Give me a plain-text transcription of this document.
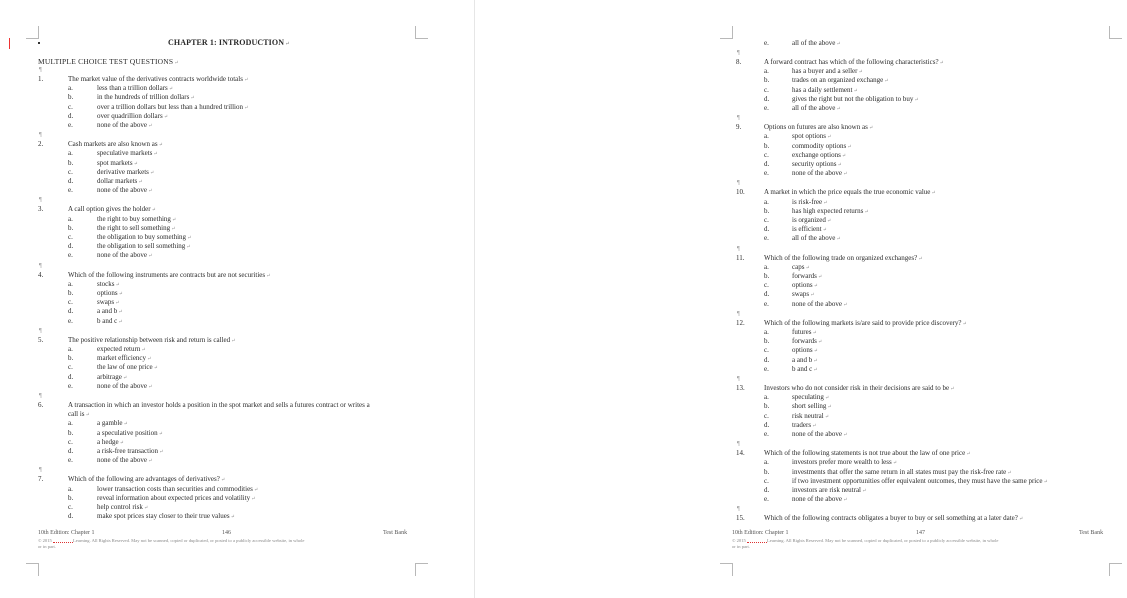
CHAPTER 1: INTRODUCTION↵
MULTIPLE CHOICE TEST QUESTIONS↵
¶
1.	The market value of the derivatives contracts worldwide totals↵
a.	less than a trillion dollars↵
b.	in the hundreds of trillion dollars↵
c.	over a trillion dollars but less than a hundred trillion↵
d.	over quadrillion dollars↵
e.	none of the above↵
¶
2.	Cash markets are also known as↵
a.	speculative markets↵
b.	spot markets↵
c.	derivative markets↵
d.	dollar markets↵
e.	none of the above↵
¶
3.	A call option gives the holder↵
a.	the right to buy something↵
b.	the right to sell something↵
c.	the obligation to buy something↵
d.	the obligation to sell something↵
e.	none of the above↵
¶
4.	Which of the following instruments are contracts but are not securities↵
a.	stocks↵
b.	options↵
c.	swaps↵
d.	a and b↵
e.	b and c↵
¶
5.	The positive relationship between risk and return is called↵
a.	expected return↵
b.	market efficiency↵
c.	the law of one price↵
d.	arbitrage↵
e.	none of the above↵
¶
6.	A transaction in which an investor holds a position in the spot market and sells a futures contract or writes a
call is↵
a.	a gamble↵
b.	a speculative position↵
c.	a hedge↵
d.	a risk-free transaction↵
e.	none of the above↵
¶
7.	Which of the following are advantages of derivatives?↵
a.	lower transaction costs than securities and commodities↵
b.	reveal information about expected prices and volatility↵
c.	help control risk↵
d.	make spot prices stay closer to their true values↵
10th Edition: Chapter 1	146	Test Bank
© 2015	Learning. All Rights Reserved. May not be scanned, copied or duplicated, or posted to a publicly accessible website, in whole
or in part.
e.	all of the above↵
¶
8.	A forward contract has which of the following characteristics?↵
a.	has a buyer and a seller↵
b.	trades on an organized exchange↵
c.	has a daily settlement↵
d.	gives the right but not the obligation to buy↵
e.	all of the above↵
¶
9.	Options on futures are also known as↵
a.	spot options↵
b.	commodity options↵
c.	exchange options↵
d.	security options↵
e.	none of the above↵
¶
10.	A market in which the price equals the true economic value↵
a.	is risk-free↵
b.	has high expected returns↵
c.	is organized↵
d.	is efficient↵
e.	all of the above↵
¶
11.	Which of the following trade on organized exchanges?↵
a.	caps↵
b.	forwards↵
c.	options↵
d.	swaps↵
e.	none of the above↵
¶
12.	Which of the following markets is/are said to provide price discovery?↵
a.	futures↵
b.	forwards↵
c.	options↵
d.	a and b↵
e.	b and c↵
¶
13.	Investors who do not consider risk in their decisions are said to be↵
a.	speculating↵
b.	short selling↵
c.	risk neutral↵
d.	traders↵
e.	none of the above↵
¶
14.	Which of the following statements is not true about the law of one price↵
a.	investors prefer more wealth to less↵
b.	investments that offer the same return in all states must pay the risk-free rate↵
c.	if two investment opportunities offer equivalent outcomes, they must have the same price↵
d.	investors are risk neutral↵
e.	none of the above↵
¶
15.	Which of the following contracts obligates a buyer to buy or sell something at a later date?↵
10th Edition: Chapter 1	147	Test Bank
© 2015	Learning. All Rights Reserved. May not be scanned, copied or duplicated, or posted to a publicly accessible website, in whole
or in part.
